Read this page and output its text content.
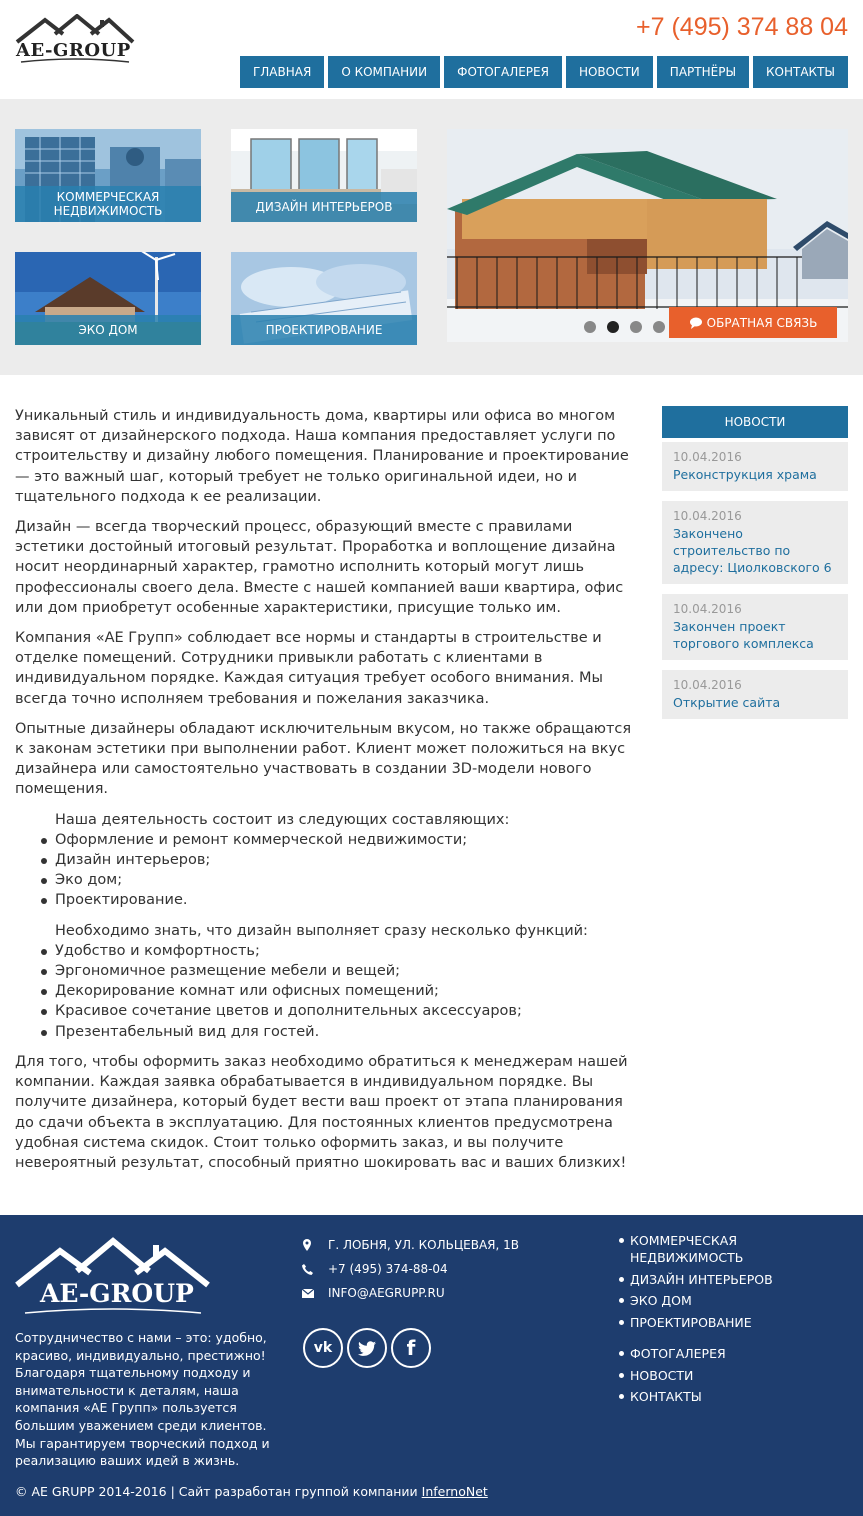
AE-GROUP
+7 (495) 374 88 04
ГЛАВНАЯ	О КОМПАНИИ	ФОТОГАЛЕРЕЯ	НОВОСТИ	ПАРТНЁРЫ	КОНТАКТЫ
КОММЕРЧЕСКАЯ НЕДВИЖИМОСТЬ	ДИЗАЙН ИНТЕРЬЕРОВ
ЭКО ДОМ	ПРОЕКТИРОВАНИЕ
ОБРАТНАЯ СВЯЗЬ

Уникальный стиль и индивидуальность дома, квартиры или офиса во многом зависят от дизайнерского подхода. Наша компания предоставляет услуги по строительству и дизайну любого помещения. Планирование и проектирование — это важный шаг, который требует не только оригинальной идеи, но и тщательного подхода к ее реализации.

Дизайн — всегда творческий процесс, образующий вместе с правилами эстетики достойный итоговый результат. Проработка и воплощение дизайна носит неординарный характер, грамотно исполнить который могут лишь профессионалы своего дела. Вместе с нашей компанией ваши квартира, офис или дом приобретут особенные характеристики, присущие только им.

Компания «АЕ Групп» соблюдает все нормы и стандарты в строительстве и отделке помещений. Сотрудники привыкли работать с клиентами в индивидуальном порядке. Каждая ситуация требует особого внимания. Мы всегда точно исполняем требования и пожелания заказчика.

Опытные дизайнеры обладают исключительным вкусом, но также обращаются к законам эстетики при выполнении работ. Клиент может положиться на вкус дизайнера или самостоятельно участвовать в создании 3D-модели нового помещения.

Наша деятельность состоит из следующих составляющих:
Оформление и ремонт коммерческой недвижимости;
Дизайн интерьеров;
Эко дом;
Проектирование.
Необходимо знать, что дизайн выполняет сразу несколько функций:
Удобство и комфортность;
Эргономичное размещение мебели и вещей;
Декорирование комнат или офисных помещений;
Красивое сочетание цветов и дополнительных аксессуаров;
Презентабельный вид для гостей.

Для того, чтобы оформить заказ необходимо обратиться к менеджерам нашей компании. Каждая заявка обрабатывается в индивидуальном порядке. Вы получите дизайнера, который будет вести ваш проект от этапа планирования до сдачи объекта в эксплуатацию. Для постоянных клиентов предусмотрена удобная система скидок. Стоит только оформить заказ, и вы получите невероятный результат, способный приятно шокировать вас и ваших близких!

НОВОСТИ
10.04.2016
Реконструкция храма
10.04.2016
Закончено строительство по адресу: Циолковского 6
10.04.2016
Закончен проект торгового комплекса
10.04.2016
Открытие сайта
AE-GROUP
Сотрудничество с нами – это: удобно, красиво, индивидуально, престижно! Благодаря тщательному подходу и внимательности к деталям, наша компания «АЕ Групп» пользуется большим уважением среди клиентов. Мы гарантируем творческий подход и реализацию ваших идей в жизнь.
Г. ЛОБНЯ, УЛ. КОЛЬЦЕВАЯ, 1В
+7 (495) 374-88-04
INFO@AEGRUPP.RU
vk	f
КОММЕРЧЕСКАЯ НЕДВИЖИМОСТЬ
ДИЗАЙН ИНТЕРЬЕРОВ
ЭКО ДОМ
ПРОЕКТИРОВАНИЕ
ФОТОГАЛЕРЕЯ
НОВОСТИ
КОНТАКТЫ
© AE GRUPP 2014-2016 | Сайт разработан группой компании InfernoNet
